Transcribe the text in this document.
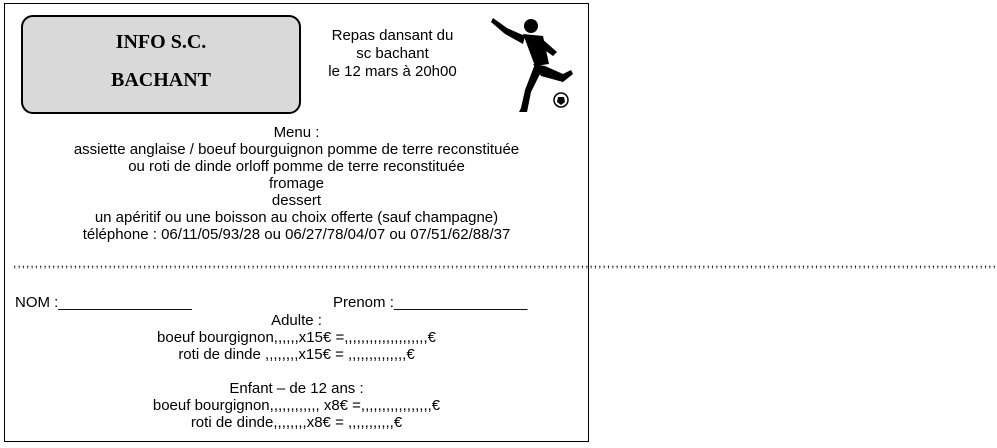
INFO S.C.
BACHANT
Repas dansant du
sc bachant
le 12 mars à 20h00
Menu :
assiette anglaise / boeuf bourguignon pomme de terre reconstituée
ou roti de dinde orloff pomme de terre reconstituée
fromage
dessert
un apéritif ou une boisson au choix offerte (sauf champagne)
téléphone : 06/11/05/93/28 ou 06/27/78/04/07 ou 07/51/62/88/37
,,,,,,,,,,,,,,,,,,,,,,,,,,,,,,,,,,,,,,,,,,,,,,,,,,,,,,,,,,,,,,,,,,,,,,,,,,,,,,,,,,,,,,,,,,,,,,,,,,,,,,,,,,,,,,,,,,,,,,,,,,,,,,,,,,,,,,,,,,,,,,,,,,,,,,,,,,,,,,,,,,,,,,,,,,,,,,,,,,,,,,,,,,,,,,,,,,,,,,,,,,,,,,,,,,,,,,,,,,,,,,,,,,,
NOM :________________	Prenom :________________
Adulte :
boeuf bourgignon,,,,,,x15€ =,,,,,,,,,,,,,,,,,,,,€
roti de dinde ,,,,,,,,x15€ = ,,,,,,,,,,,,,,€
Enfant – de 12 ans :
boeuf bourgignon,,,,,,,,,,,, x8€ =,,,,,,,,,,,,,,,,,€
roti de dinde,,,,,,,,x8€ = ,,,,,,,,,,,€
